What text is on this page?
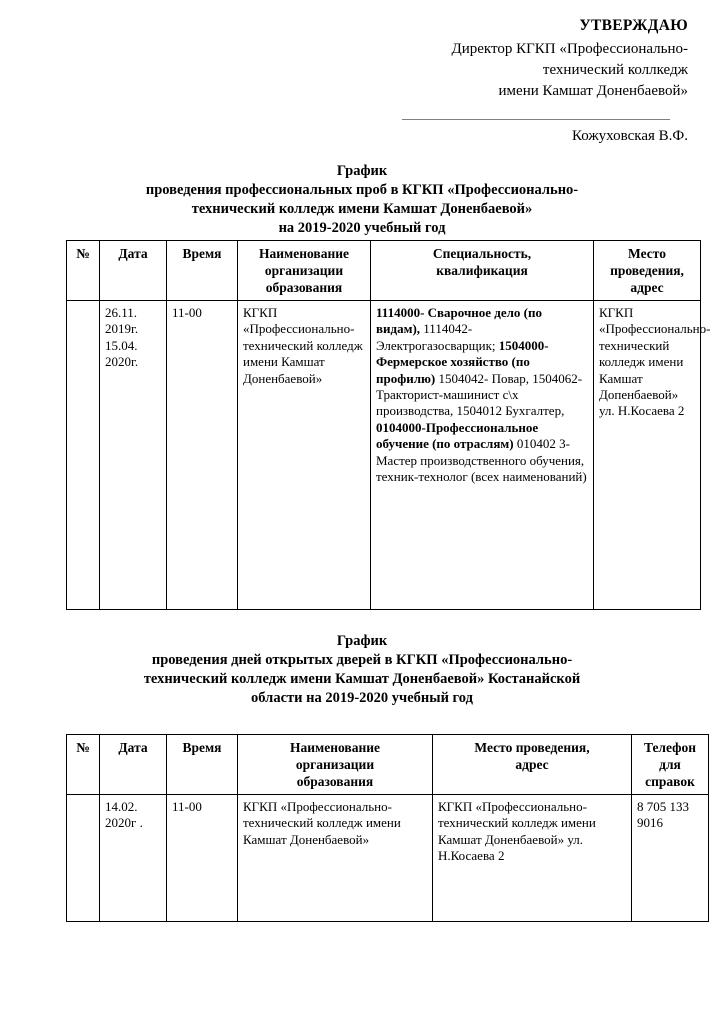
УТВЕРЖДАЮ
Директор КГКП «Профессионально-
технический коллкедж
имени Камшат Доненбаевой»
Кожуховская В.Ф.
График
проведения профессиональных проб в КГКП «Профессионально-
технический колледж имени Камшат Доненбаевой»
на 2019-2020 учебный год
№	Дата	Время	Наименование
организации
образования	Специальность,
квалификация	Место
проведения,
адрес

	26.11. 2019г. 15.04. 2020г.	11-00	КГКП «Профессионально-технический колледж имени Камшат Доненбаевой»	1114000- Сварочное дело (по видам), 1114042-Электрогазосварщик; 1504000-Фермерское хозяйство (по профилю) 1504042- Повар, 1504062-Тракторист-машинист с\х производства, 1504012 Бухгалтер, 0104000-Профессиональное обучение (по отраслям) 010402 3-Мастер производственного обучения, техник-технолог (всех наименований)	КГКП «Профессионально-технический колледж имени Камшат Допенбаевой» ул. Н.Косаева 2
График
проведения дней открытых дверей в КГКП «Профессионально-
технический колледж имени Камшат Доненбаевой» Костанайской
области на 2019-2020 учебный год
№	Дата	Время	Наименование
организации
образования	Место проведения,
адрес	Телефон
для
справок

	14.02. 2020г .	11-00	КГКП «Профессионально-технический колледж имени Камшат Доненбаевой»	КГКП «Профессионально-технический колледж имени Камшат Доненбаевой» ул. Н.Косаева 2	8 705 133 9016
